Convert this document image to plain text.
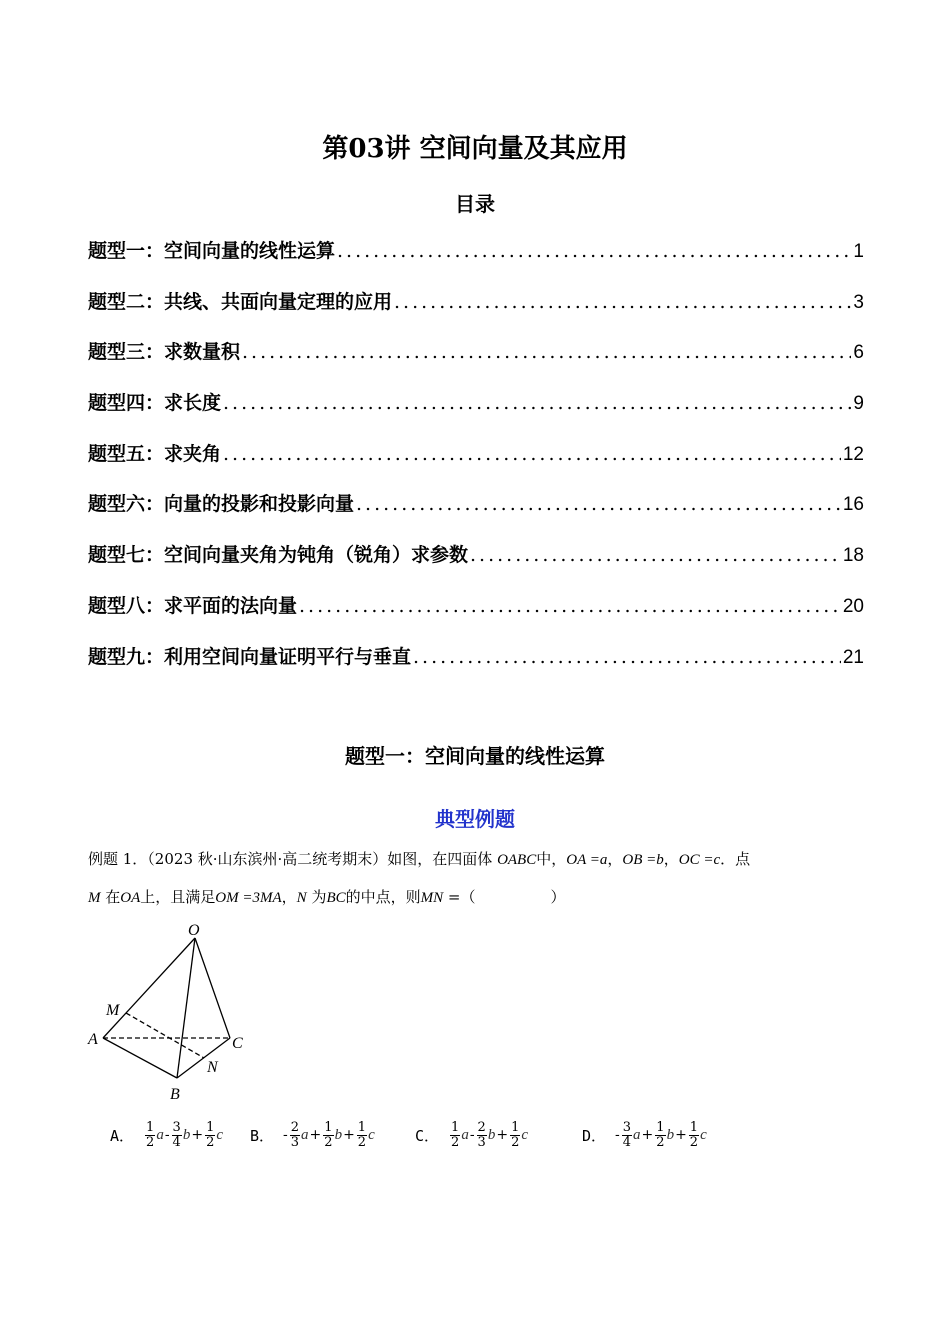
第03讲 空间向量及其应用
目录
题型一：空间向量的线性运算 .....	1
题型二：共线、共面向量定理的应用 .....	3
题型三：求数量积 .....	6
题型四：求长度 .....	9
题型五：求夹角 .....	12
题型六：向量的投影和投影向量 .....	16
题型七：空间向量夹角为钝角（锐角）求参数 .....	18
题型八：求平面的法向量 .....	20
题型九：利用空间向量证明平行与垂直 .....	21
题型一：空间向量的线性运算
典型例题
例题 1．（2023 秋·山东滨州·高二统考期末）如图，在四面体 OABC中，OA =a，OB =b，OC =c．点
M 在OA上，且满足OM =3MA，N 为BC的中点，则MN =（　　　　　）
O
M
A	C
N
B
A． $\frac{1}{2}$ a - $\frac{3}{4}$ $b + \frac{1}{2}$ c B． - $\frac{2}{3}$ $a + \frac{1}{2}$ $b + \frac{1}{2}$ c	C． $\frac{1}{2}$ a - $\frac{2}{3}$ $b + \frac{1}{2}$ c	D． - $\frac{3}{4}$ $a + \frac{1}{2}$ $b + \frac{1}{2}$ c
